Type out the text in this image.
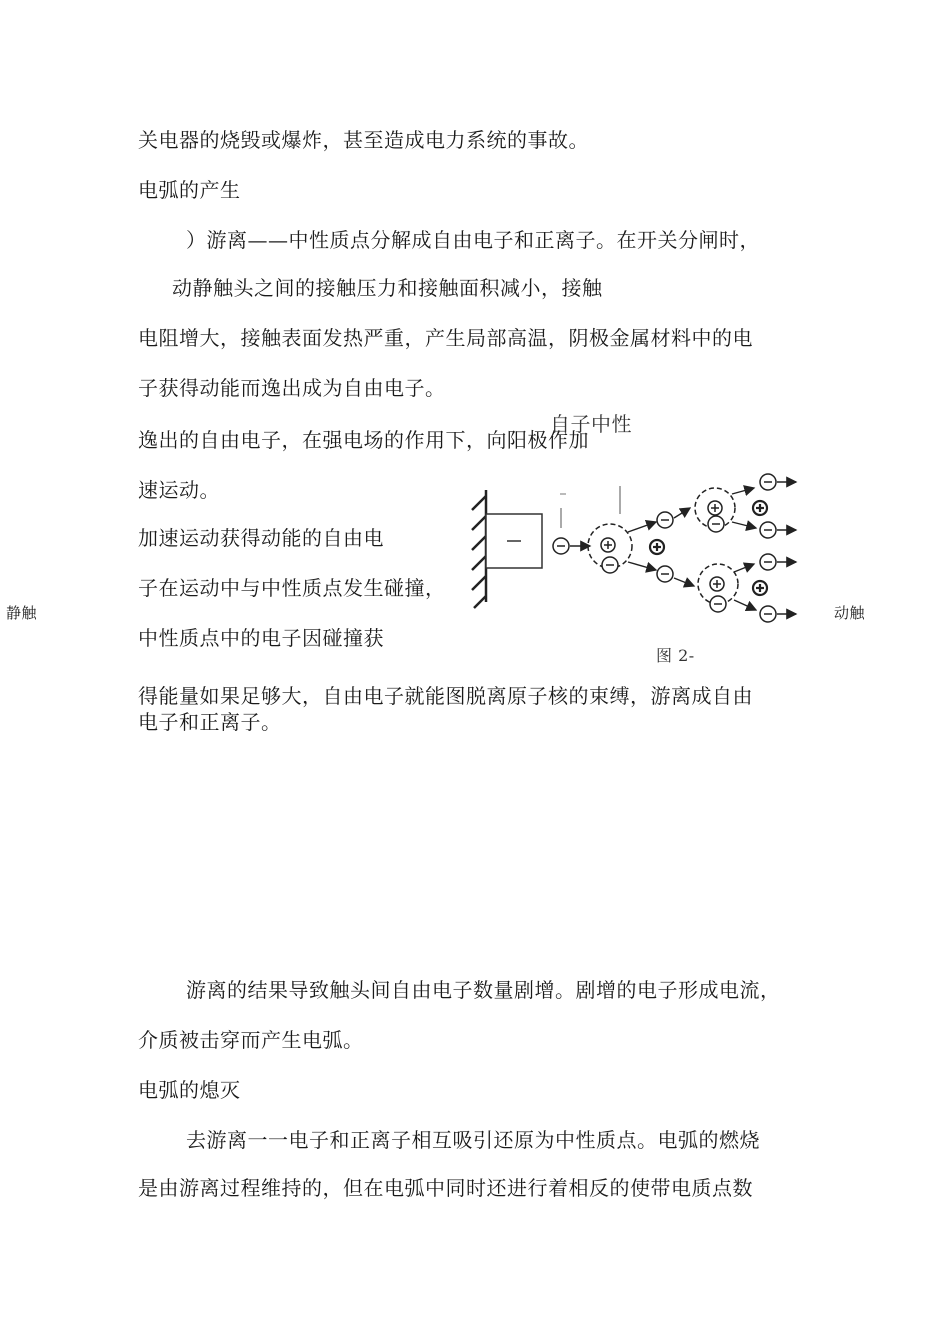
关电器的烧毁或爆炸，甚至造成电力系统的事故。
电弧的产生
）游离——中性质点分解成自由电子和正离子。在开关分闸时，
动静触头之间的接触压力和接触面积减小，接触
电阻增大，接触表面发热严重，产生局部高温，阴极金属材料中的电
子获得动能而逸出成为自由电子。
逸出的自由电子，在强电场的作用下，向阳极作加
速运动。
加速运动获得动能的自由电
子在运动中与中性质点发生碰撞，
中性质点中的电子因碰撞获
得能量如果足够大，自由电子就能图脱离原子核的束缚，游离成自由
电子和正离子。
游离的结果导致触头间自由电子数量剧增。剧增的电子形成电流，
介质被击穿而产生电弧。
电弧的熄灭
去游离一一电子和正离子相互吸引还原为中性质点。电弧的燃烧
是由游离过程维持的，但在电弧中同时还进行着相反的使带电质点数
自子中性
静触	动触
图 2-
